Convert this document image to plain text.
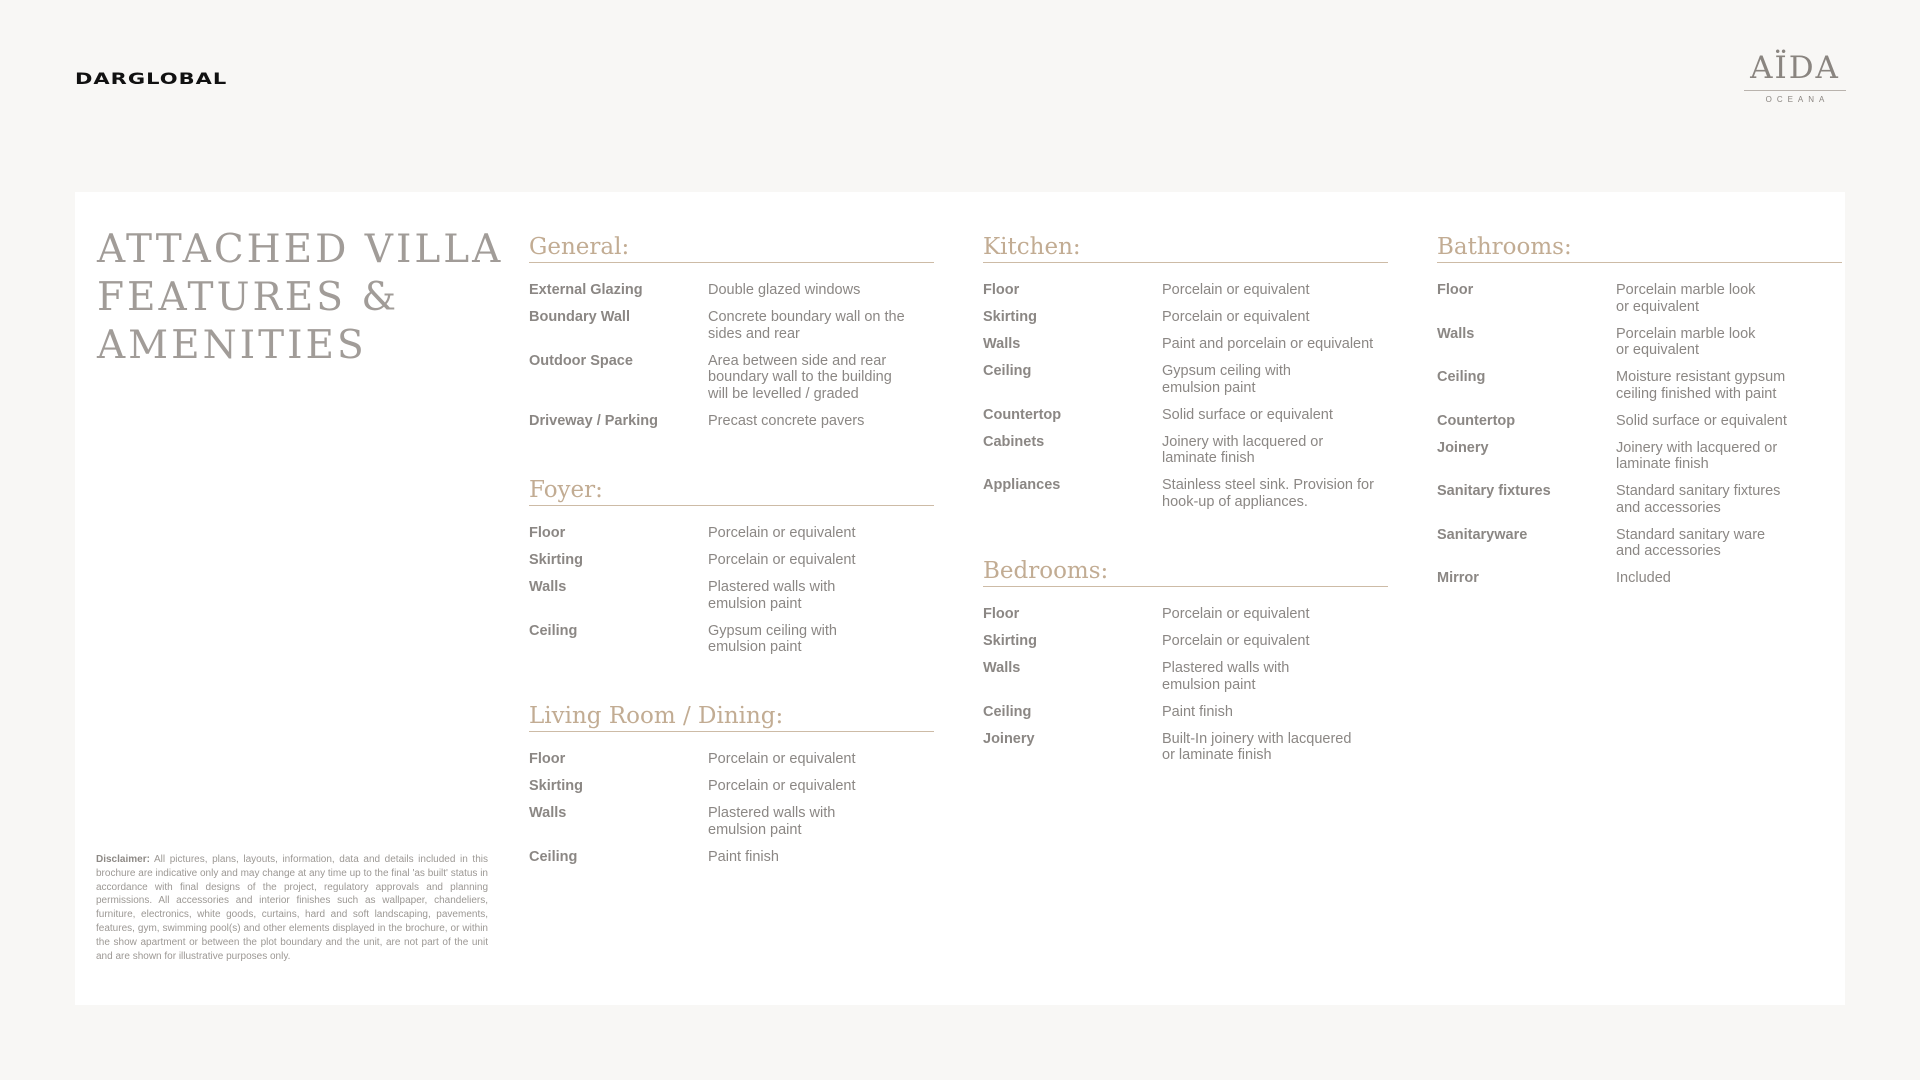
DARGLOBAL	AÏDA
OCEANA
ATTACHED VILLA
FEATURES &
AMENITIES
Disclaimer: All pictures, plans, layouts, information, data and details included in this brochure are indicative only and may change at any time up to the final 'as built' status in accordance with final designs of the project, regulatory approvals and planning permissions. All accessories and interior finishes such as wallpaper, chandeliers, furniture, electronics, white goods, curtains, hard and soft landscaping, pavements, features, gym, swimming pool(s) and other elements displayed in the brochure, or within the show apartment or between the plot boundary and the unit, are not part of the unit and are shown for illustrative purposes only.
General:
External Glazing	Double glazed windows
Boundary Wall	Concrete boundary wall on the
sides and rear
Outdoor Space	Area between side and rear
boundary wall to the building
will be levelled / graded
Driveway / Parking	Precast concrete pavers
Foyer:
Floor	Porcelain or equivalent
Skirting	Porcelain or equivalent
Walls	Plastered walls with
emulsion paint
Ceiling	Gypsum ceiling with
emulsion paint
Living Room / Dining:
Floor	Porcelain or equivalent
Skirting	Porcelain or equivalent
Walls	Plastered walls with
emulsion paint
Ceiling	Paint finish
Kitchen:
Floor	Porcelain or equivalent
Skirting	Porcelain or equivalent
Walls	Paint and porcelain or equivalent
Ceiling	Gypsum ceiling with
emulsion paint
Countertop	Solid surface or equivalent
Cabinets	Joinery with lacquered or
laminate finish
Appliances	Stainless steel sink. Provision for
hook-up of appliances.
Bedrooms:
Floor	Porcelain or equivalent
Skirting	Porcelain or equivalent
Walls	Plastered walls with
emulsion paint
Ceiling	Paint finish
Joinery	Built-In joinery with lacquered
or laminate finish
Bathrooms:
Floor	Porcelain marble look
or equivalent
Walls	Porcelain marble look
or equivalent
Ceiling	Moisture resistant gypsum
ceiling finished with paint
Countertop	Solid surface or equivalent
Joinery	Joinery with lacquered or
laminate finish
Sanitary fixtures	Standard sanitary fixtures
and accessories
Sanitaryware	Standard sanitary ware
and accessories
Mirror	Included
